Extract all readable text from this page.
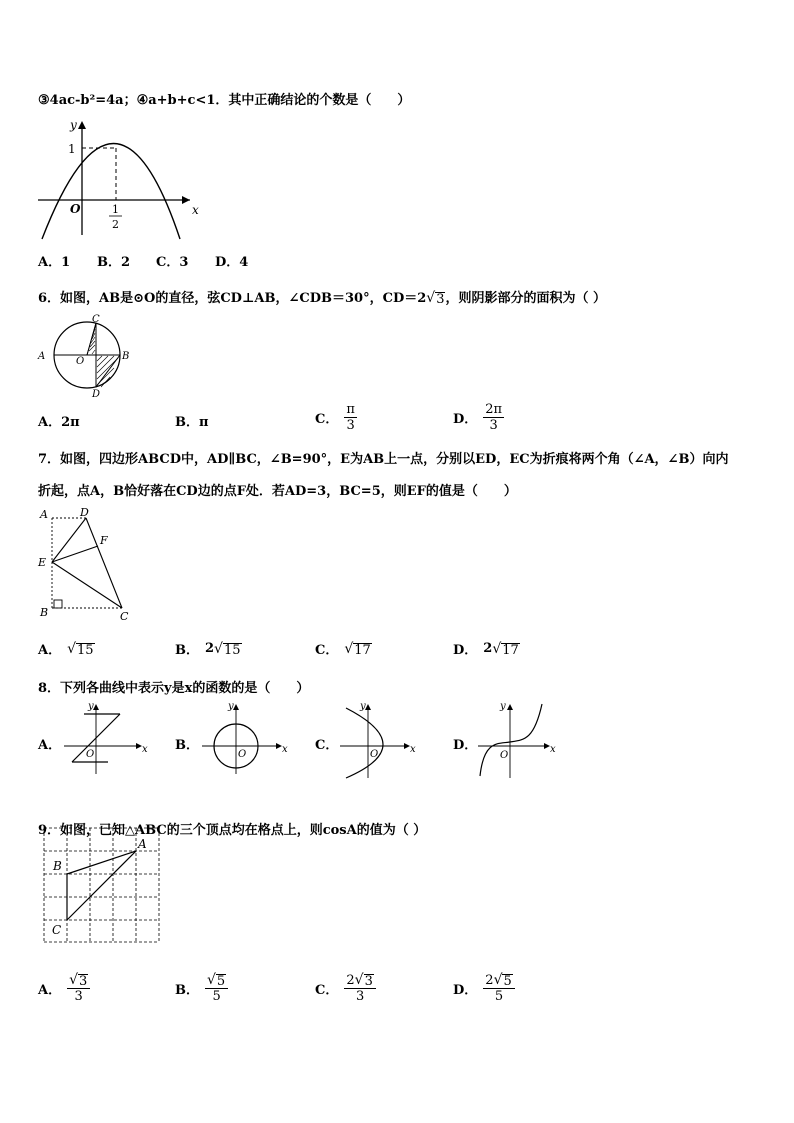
③4ac-b²=4a；④a+b+c<1．其中正确结论的个数是（　　）
y
x
O
1
1
2
A．1 B．2 C．3 D．4
6．如图，AB是⊙O的直径，弦CD⊥AB，∠CDB＝30°，CD＝2 √ 3 ，则阴影部分的面积为（ ）
A	B
C
D
O
A．2π	B．π	C． $\frac{\pi}{3}$	D． $\frac{2\pi}{3}$
7．如图，四边形ABCD中，AD∥BC，∠B=90°，E为AB上一点，分别以ED，EC为折痕将两个角（∠A，∠B）向内
折起，点A，B恰好落在CD边的点F处．若AD=3，BC=5，则EF的值是（　　）
A	D
F
E
B	C
A． √ 15	B． 2 √ 15	C． √ 17	D． 2 √ 17
8．下列各曲线中表示y是x的函数的是（　　）
A．
y
x
O
B．
y
x
O
C．
y
x
O
D．
y
x
O
9．如图，已知△ABC的三个顶点均在格点上，则cosA的值为（ ）
A
B
C
A． $\frac{√ 3}{3}$	B． $\frac{√ 5}{5}$	C． $\frac{2 √ 3}{3}$	D． $\frac{2 √ 5}{5}$
